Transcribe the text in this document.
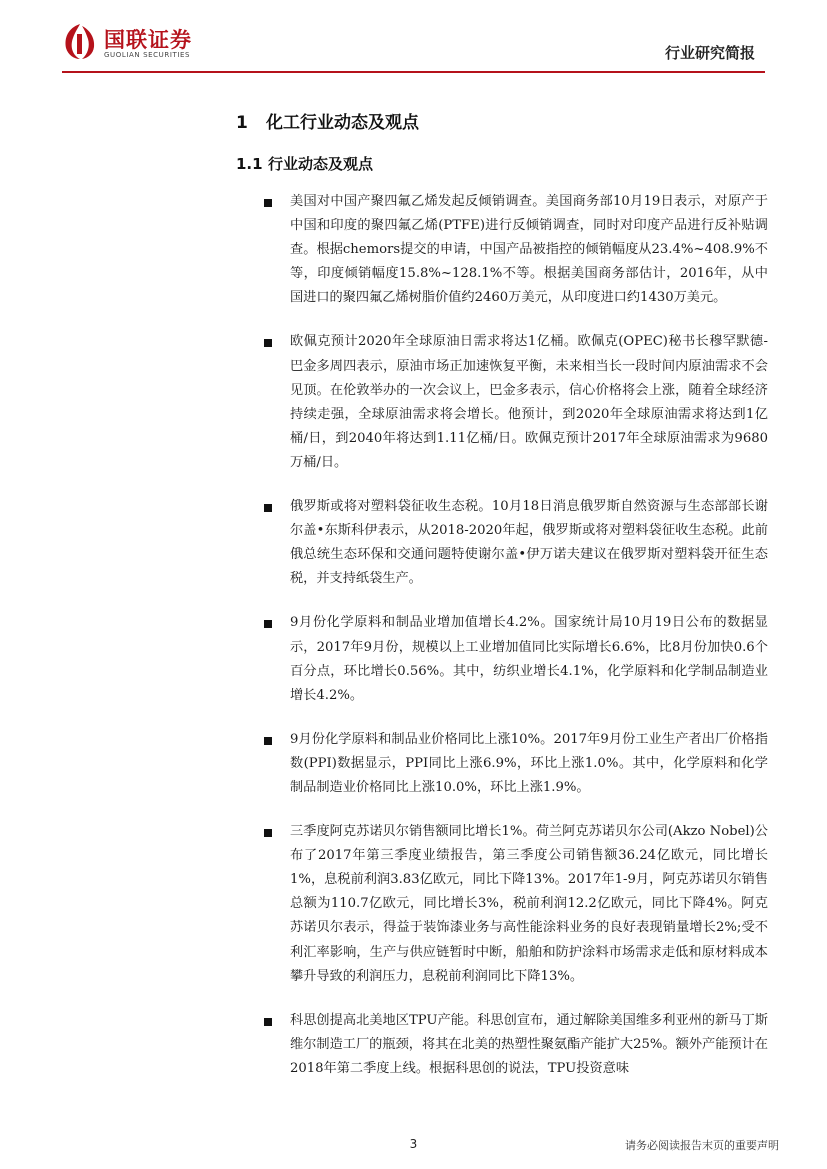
国联证券
GUOLIAN SECURITIES	行业研究简报
1 化工行业动态及观点
1.1 行业动态及观点
美国对中国产聚四氟乙烯发起反倾销调查。美国商务部10月19日表示，对原产于中国和印度的聚四氟乙烯(PTFE)进行反倾销调查，同时对印度产品进行反补贴调查。根据chemors提交的申请，中国产品被指控的倾销幅度从23.4%~408.9%不等，印度倾销幅度15.8%~128.1%不等。根据美国商务部估计，2016年，从中国进口的聚四氟乙烯树脂价值约2460万美元，从印度进口约1430万美元。
欧佩克预计2020年全球原油日需求将达1亿桶。欧佩克(OPEC)秘书长穆罕默德-巴金多周四表示，原油市场正加速恢复平衡，未来相当长一段时间内原油需求不会见顶。在伦敦举办的一次会议上，巴金多表示，信心价格将会上涨，随着全球经济持续走强，全球原油需求将会增长。他预计，到2020年全球原油需求将达到1亿桶/日，到2040年将达到1.11亿桶/日。欧佩克预计2017年全球原油需求为9680万桶/日。
俄罗斯或将对塑料袋征收生态税。10月18日消息俄罗斯自然资源与生态部部长谢尔盖•东斯科伊表示，从2018-2020年起，俄罗斯或将对塑料袋征收生态税。此前俄总统生态环保和交通问题特使谢尔盖•伊万诺夫建议在俄罗斯对塑料袋开征生态税，并支持纸袋生产。
9月份化学原料和制品业增加值增长4.2%。国家统计局10月19日公布的数据显示，2017年9月份，规模以上工业增加值同比实际增长6.6%，比8月份加快0.6个百分点，环比增长0.56%。其中，纺织业增长4.1%，化学原料和化学制品制造业增长4.2%。
9月份化学原料和制品业价格同比上涨10%。2017年9月份工业生产者出厂价格指数(PPI)数据显示，PPI同比上涨6.9%，环比上涨1.0%。其中，化学原料和化学制品制造业价格同比上涨10.0%，环比上涨1.9%。
三季度阿克苏诺贝尔销售额同比增长1%。荷兰阿克苏诺贝尔公司(Akzo Nobel)公布了2017年第三季度业绩报告，第三季度公司销售额36.24亿欧元，同比增长1%，息税前利润3.83亿欧元，同比下降13%。2017年1-9月，阿克苏诺贝尔销售总额为110.7亿欧元，同比增长3%，税前利润12.2亿欧元，同比下降4%。阿克苏诺贝尔表示，得益于装饰漆业务与高性能涂料业务的良好表现销量增长2%;受不利汇率影响，生产与供应链暂时中断，船舶和防护涂料市场需求走低和原材料成本攀升导致的利润压力，息税前利润同比下降13%。
科思创提高北美地区TPU产能。科思创宣布，通过解除美国维多利亚州的新马丁斯维尔制造工厂的瓶颈，将其在北美的热塑性聚氨酯产能扩大25%。额外产能预计在2018年第二季度上线。根据科思创的说法，TPU投资意味
3	请务必阅读报告末页的重要声明
